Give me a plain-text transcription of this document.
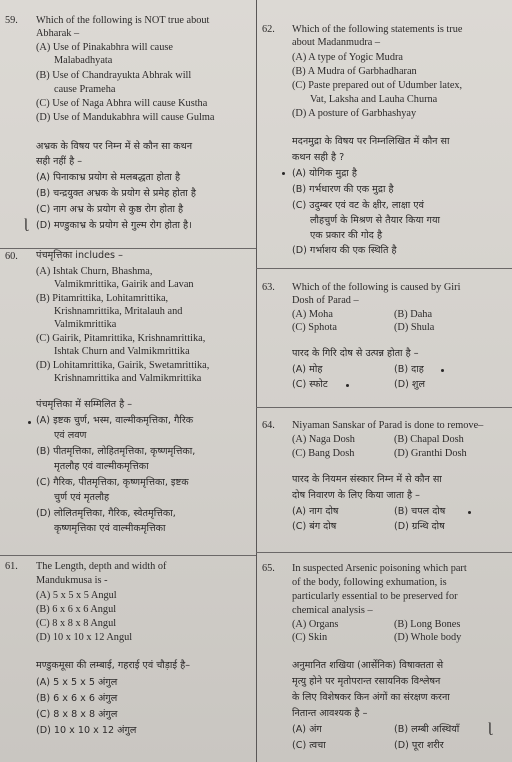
59. Which of the following is NOT true about
Abharak –
(A) Use of Pinakabhra will cause
Malabadhyata
(B) Use of Chandrayukta Abhrak will
cause Prameha
(C) Use of Naga Abhra will cause Kustha
(D) Use of Mandukabhra will cause Gulma
अभ्रक के विषय पर निम्न में से कौन सा कथन
सही नहीं है –
(A) पिनाकाभ्र प्रयोग से मलबद्धता होता है
(B) चन्द्रयुक्त अभ्रक के प्रयोग से प्रमेह होता है
(C) नाग अभ्र के प्रयोग से कुष्ठ रोग होता है
(D) मण्डुकाभ्र के प्रयोग से गुल्म रोग होता है।
ɭ
60. पंचमृत्तिका includes –
(A) Ishtak Churn, Bhashma,
Valmikmrittika, Gairik and Lavan
(B) Pitamrittika, Lohitamrittika,
Krishnamrittika, Mritalauh and
Valmikmrittika
(C) Gairik, Pitamrittika, Krishnamrittika,
Ishtak Churn and Valmikmrittika
(D) Lohitamrittika, Gairik, Swetamrittika,
Krishnamrittika and Valmikmrittika
पंचमृत्तिका में सम्मिलित है –
(A) इष्टक चुर्ण, भस्म, वाल्मीकमृत्तिका, गैरिक
एवं लवण
(B) पीतमृत्तिका, लोहितमृत्तिका, कृष्णमृत्तिका,
मृतलौह एवं वाल्मीकमृत्तिका
(C) गैरिक, पीतमृत्तिका, कृष्णमृत्तिका, इष्टक
चुर्ण एवं मृतलौह
(D) लोलितमृत्तिका, गैरिक, स्वेतमृत्तिका,
कृष्णमृत्तिका एवं वाल्मीकमृत्तिका
61. The Length, depth and width of
Mandukmusa is -
(A) 5 x 5 x 5 Angul
(B) 6 x 6 x 6 Angul
(C) 8 x 8 x 8 Angul
(D) 10 x 10 x 12 Angul
मण्डुकमूसा की लम्बाई, गहराई एवं चौड़ाई है–
(A) 5 x 5 x 5 अंगुल
(B) 6 x 6 x 6 अंगुल
(C) 8 x 8 x 8 अंगुल
(D) 10 x 10 x 12 अंगुल
62. Which of the following statements is true
about Madanmudra –
(A) A type of Yogic Mudra
(B) A Mudra of Garbhadharan
(C) Paste prepared out of Udumber latex,
Vat, Laksha and Lauha Churna
(D) A posture of Garbhashyay
मदनमुद्रा के विषय पर निम्नलिखित में कौन सा
कथन सही है ?
(A) योगिक मुद्रा है
(B) गर्भधारण की एक मुद्रा है
(C) उदुम्बर एवं वट के क्षीर, लाक्षा एवं
लौहचुर्ण के मिश्रण से तैयार किया गया
एक प्रकार की गोद है
(D) गर्भाशय की एक स्थिति है
63. Which of the following is caused by Giri
Dosh of Parad –
(A) Moha	(B) Daha
(C) Sphota	(D) Shula
पारद के गिरि दोष से उत्पन्न होता है –
(A) मोह	(B) दाह
(C) स्फोट	(D) शुल
64. Niyaman Sanskar of Parad is done to remove–
(A) Naga Dosh	(B) Chapal Dosh
(C) Bang Dosh	(D) Granthi Dosh
पारद के नियमन संस्कार निम्न में से कौन सा
दोष निवारण के लिए किया जाता है –
(A) नाग दोष	(B) चपल दोष
(C) बंग दोष	(D) ग्रन्थि दोष
65. In suspected Arsenic poisoning which part
of the body, following exhumation, is
particularly essential to be preserved for
chemical analysis –
(A) Organs	(B) Long Bones
(C) Skin	(D) Whole body
अनुमानित शखिया (आर्सेनिक) विषाक्तता से
मृत्यु होने पर मृतोपरान्त रसायनिक विश्लेषन
के लिए विशेषकर किन अंगों का संरक्षण करना
नितान्त आवश्यक है –
(A) अंग	(B) लम्बी अस्थियाँ
(C) त्वचा	(D) पूरा शरीर
ɭ
